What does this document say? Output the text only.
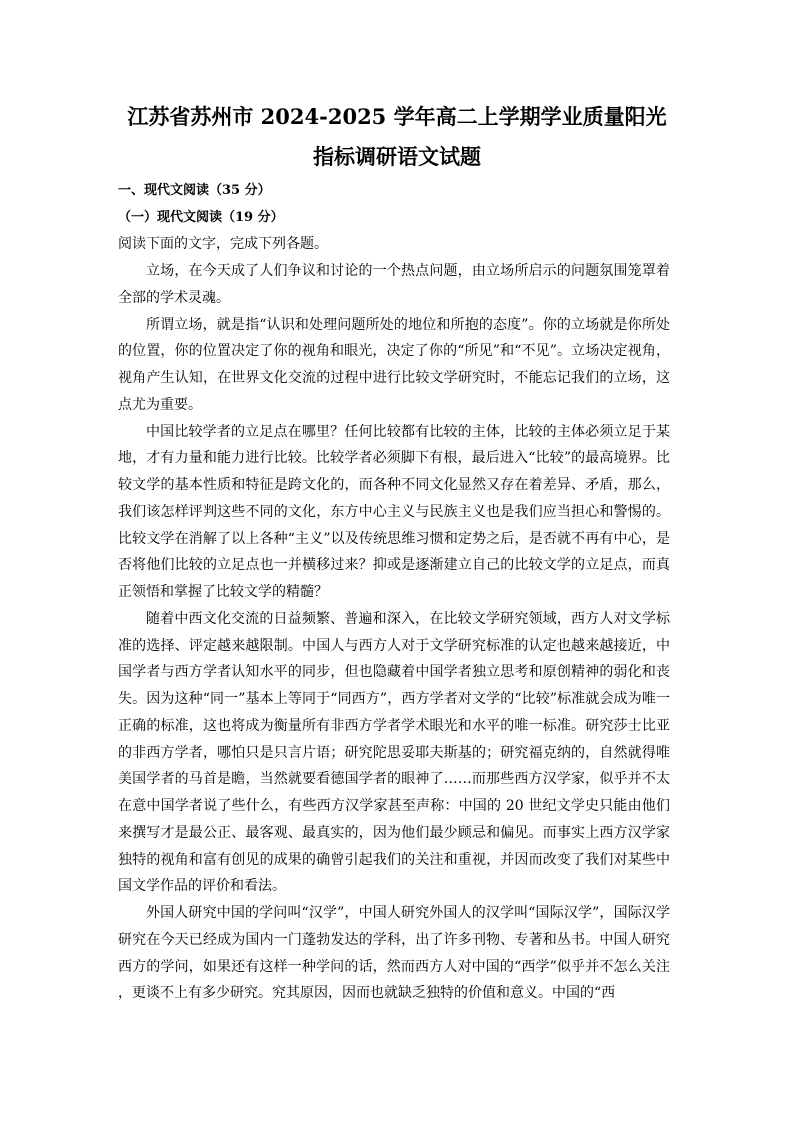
江苏省苏州市 2024-2025 学年高二上学期学业质量阳光
指标调研语文试题
一、现代文阅读（35 分）
（一）现代文阅读（19 分）
阅读下面的文字，完成下列各题。

立场，在今天成了人们争议和讨论的一个热点问题，由立场所启示的问题氛围笼罩着全部的学术灵魂。

所谓立场，就是指“认识和处理问题所处的地位和所抱的态度”。你的立场就是你所处的位置，你的位置决定了你的视角和眼光，决定了你的“所见”和“不见”。立场决定视角，视角产生认知，在世界文化交流的过程中进行比较文学研究时，不能忘记我们的立场，这点尤为重要。

中国比较学者的立足点在哪里？任何比较都有比较的主体，比较的主体必须立足于某地，才有力量和能力进行比较。比较学者必须脚下有根，最后进入“比较”的最高境界。比较文学的基本性质和特征是跨文化的，而各种不同文化显然又存在着差异、矛盾，那么，我们该怎样评判这些不同的文化，东方中心主义与民族主义也是我们应当担心和警惕的。比较文学在消解了以上各种“主义”以及传统思维习惯和定势之后，是否就不再有中心，是否将他们比较的立足点也一并横移过来？抑或是逐渐建立自己的比较文学的立足点，而真正领悟和掌握了比较文学的精髓？

随着中西文化交流的日益频繁、普遍和深入，在比较文学研究领域，西方人对文学标准的选择、评定越来越限制。中国人与西方人对于文学研究标准的认定也越来越接近，中国学者与西方学者认知水平的同步，但也隐藏着中国学者独立思考和原创精神的弱化和丧失。因为这种“同一”基本上等同于“同西方”，西方学者对文学的“比较”标准就会成为唯一正确的标准，这也将成为衡量所有非西方学者学术眼光和水平的唯一标准。研究莎士比亚的非西方学者，哪怕只是只言片语；研究陀思妥耶夫斯基的；研究福克纳的，自然就得唯美国学者的马首是瞻，当然就要看德国学者的眼神了……而那些西方汉学家，似乎并不太在意中国学者说了些什么，有些西方汉学家甚至声称：中国的 20 世纪文学史只能由他们来撰写才是最公正、最客观、最真实的，因为他们最少顾忌和偏见。而事实上西方汉学家独特的视角和富有创见的成果的确曾引起我们的关注和重视，并因而改变了我们对某些中国文学作品的评价和看法。

外国人研究中国的学问叫“汉学”，中国人研究外国人的汉学叫“国际汉学”，国际汉学研究在今天已经成为国内一门蓬勃发达的学科，出了许多刊物、专著和丛书。中国人研究西方的学问，如果还有这样一种学问的话，然而西方人对中国的“西学”似乎并不怎么关注，更谈不上有多少研究。究其原因，因而也就缺乏独特的价值和意义。中国的“西
